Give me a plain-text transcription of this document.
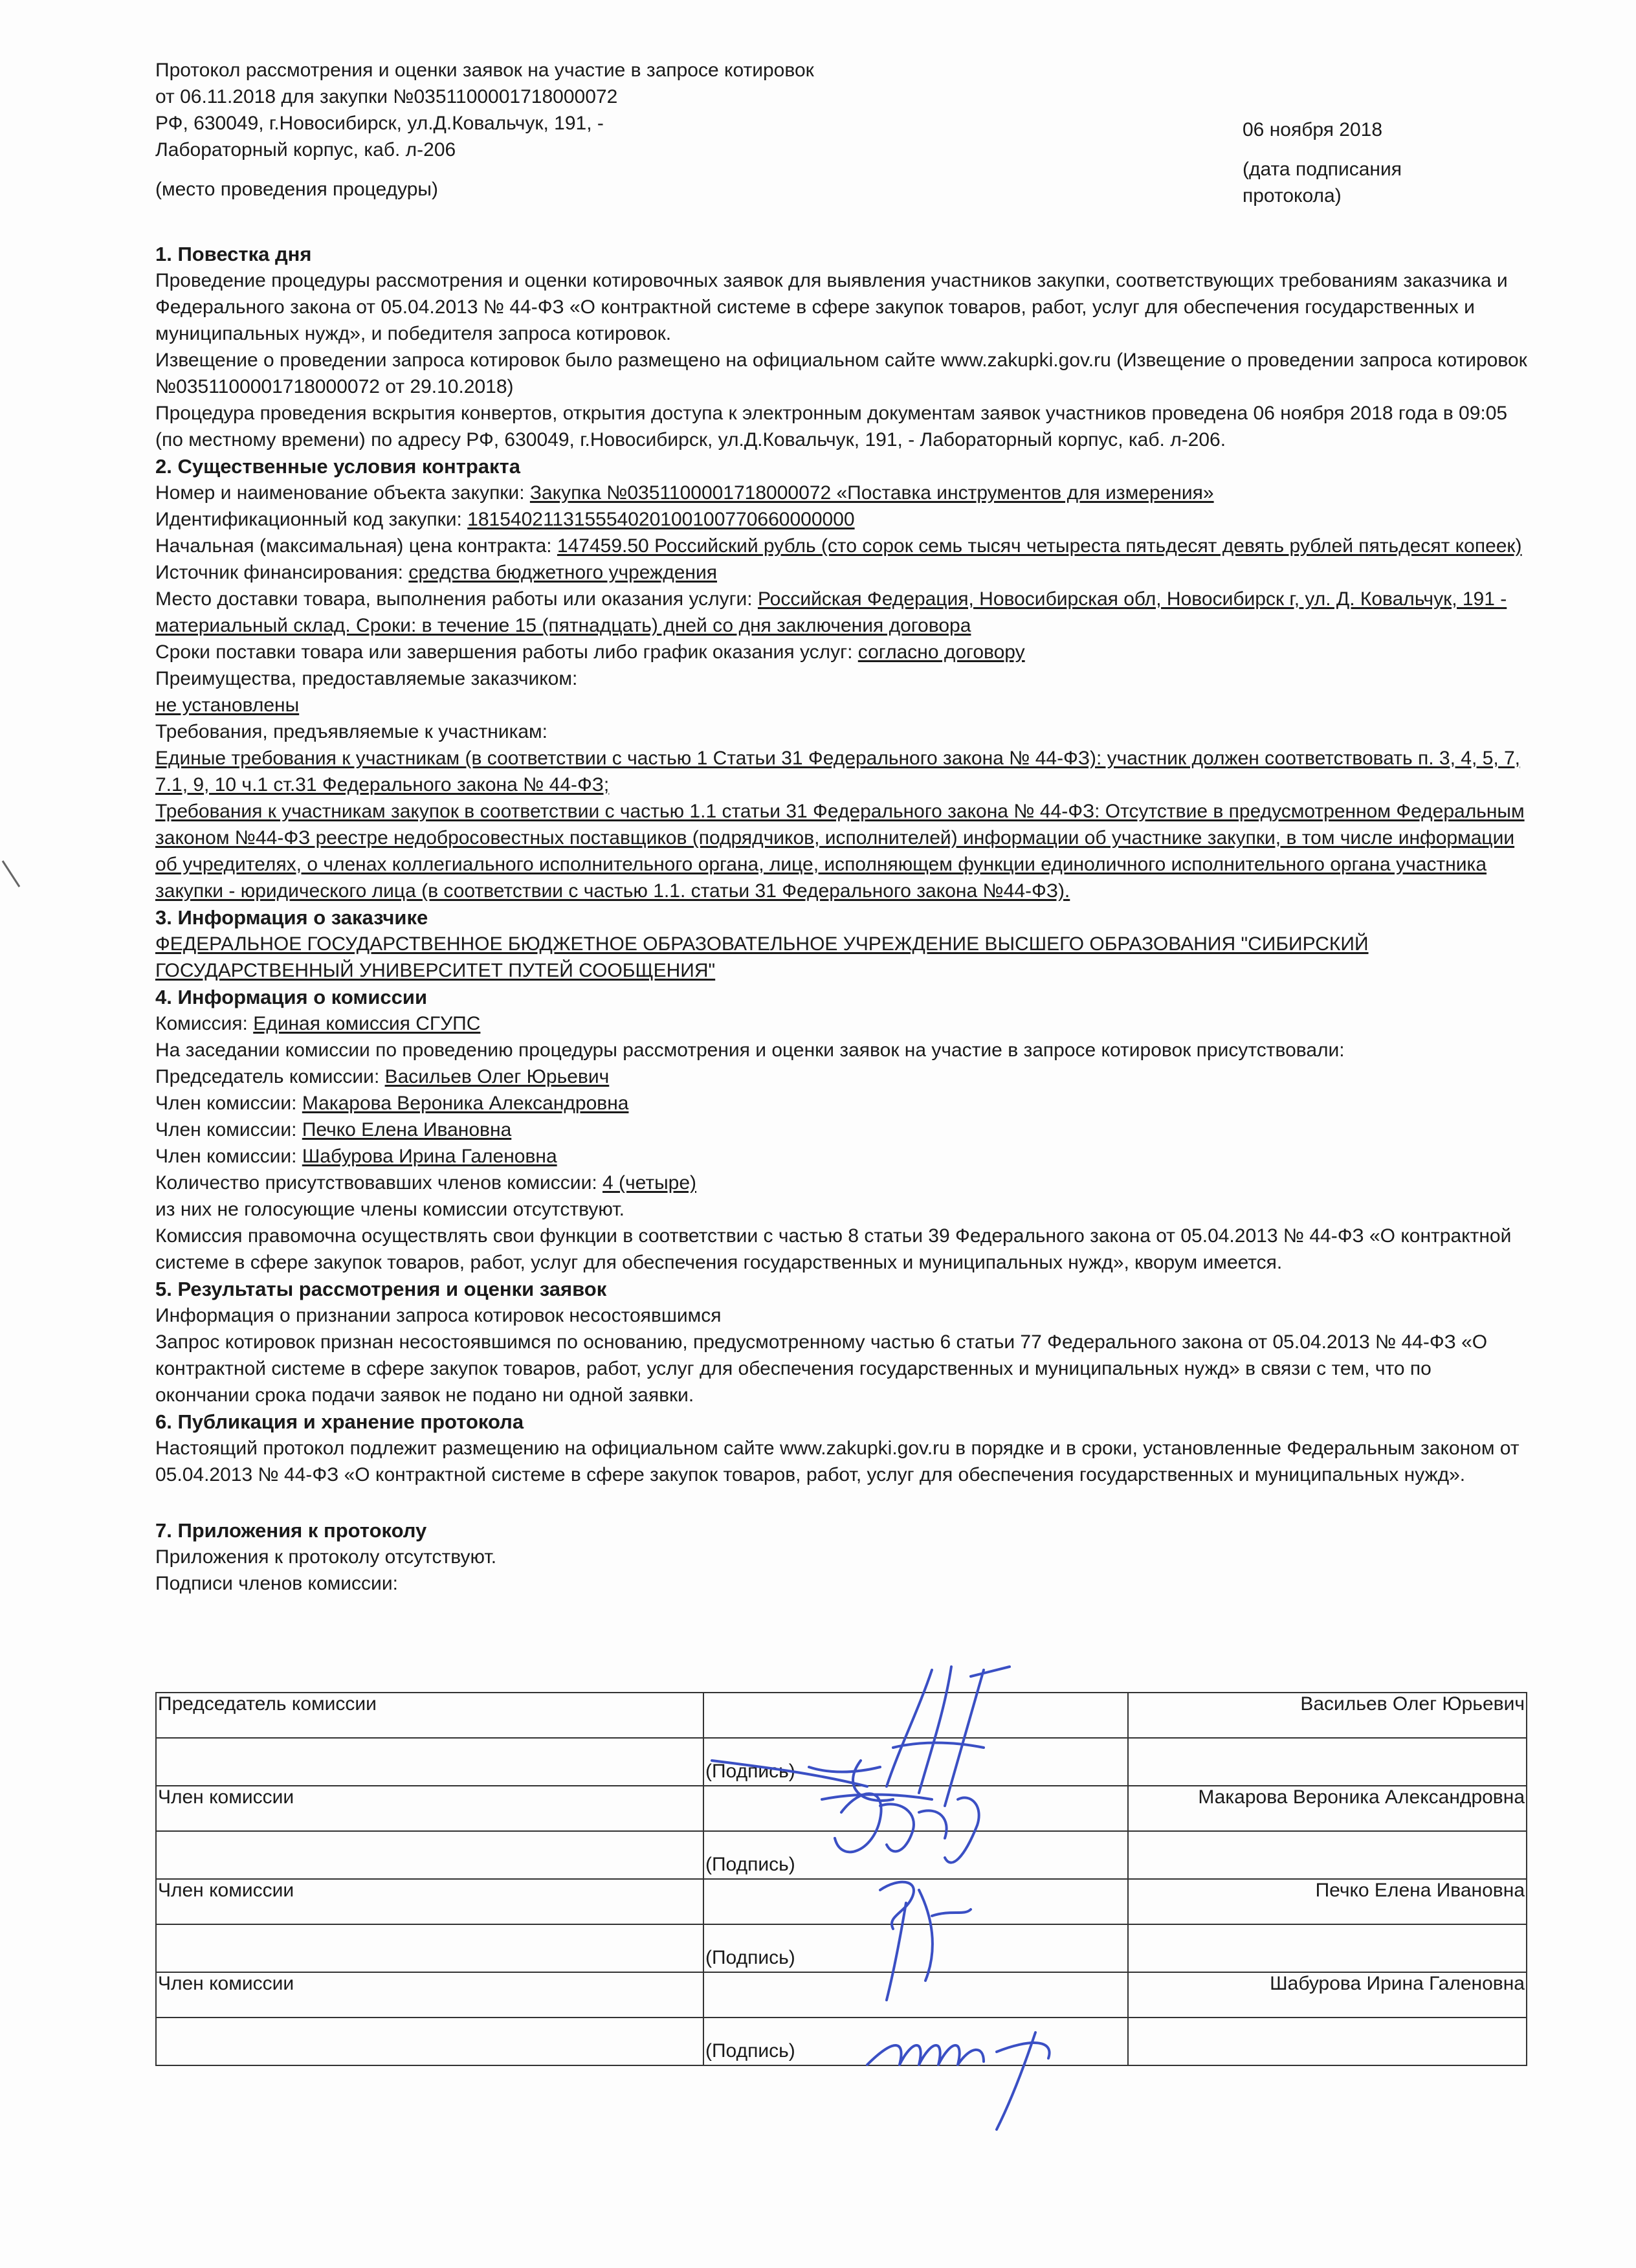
Протокол рассмотрения и оценки заявок на участие в запросе котировок
от 06.11.2018 для закупки №0351100001718000072
РФ, 630049, г.Новосибирск, ул.Д.Ковальчук, 191, -
Лабораторный корпус, каб. л-206
(место проведения процедуры)
06 ноября 2018
(дата подписания протокола)
1. Повестка дня
Проведение процедуры рассмотрения и оценки котировочных заявок для выявления участников закупки, соответствующих требованиям заказчика и Федерального закона от 05.04.2013 № 44-ФЗ «О контрактной системе в сфере закупок товаров, работ, услуг для обеспечения государственных и муниципальных нужд», и победителя запроса котировок.
Извещение о проведении запроса котировок было размещено на официальном сайте www.zakupki.gov.ru (Извещение о проведении запроса котировок №0351100001718000072 от 29.10.2018)
Процедура проведения вскрытия конвертов, открытия доступа к электронным документам заявок участников проведена 06 ноября 2018 года в 09:05 (по местному времени) по адресу РФ, 630049, г.Новосибирск, ул.Д.Ковальчук, 191, - Лабораторный корпус, каб. л-206.
2. Существенные условия контракта
Номер и наименование объекта закупки: Закупка №0351100001718000072 «Поставка инструментов для измерения»
Идентификационный код закупки: 181540211315554020100100770660000000
Начальная (максимальная) цена контракта: 147459.50 Российский рубль (сто сорок семь тысяч четыреста пятьдесят девять рублей пятьдесят копеек)
Источник финансирования: средства бюджетного учреждения
Место доставки товара, выполнения работы или оказания услуги: Российская Федерация, Новосибирская обл, Новосибирск г, ул. Д. Ковальчук, 191 - материальный склад. Сроки: в течение 15 (пятнадцать) дней со дня заключения договора
Сроки поставки товара или завершения работы либо график оказания услуг: согласно договору
Преимущества, предоставляемые заказчиком:
не установлены
Требования, предъявляемые к участникам:
Единые требования к участникам (в соответствии с частью 1 Статьи 31 Федерального закона № 44-ФЗ): участник должен соответствовать п. 3, 4, 5, 7, 7.1, 9, 10 ч.1 ст.31 Федерального закона № 44-ФЗ;
Требования к участникам закупок в соответствии с частью 1.1 статьи 31 Федерального закона № 44-ФЗ: Отсутствие в предусмотренном Федеральным законом №44-ФЗ реестре недобросовестных поставщиков (подрядчиков, исполнителей) информации об участнике закупки, в том числе информации об учредителях, о членах коллегиального исполнительного органа, лице, исполняющем функции единоличного исполнительного органа участника закупки - юридического лица (в соответствии с частью 1.1. статьи 31 Федерального закона №44-ФЗ).
3. Информация о заказчике
ФЕДЕРАЛЬНОЕ ГОСУДАРСТВЕННОЕ БЮДЖЕТНОЕ ОБРАЗОВАТЕЛЬНОЕ УЧРЕЖДЕНИЕ ВЫСШЕГО ОБРАЗОВАНИЯ "СИБИРСКИЙ ГОСУДАРСТВЕННЫЙ УНИВЕРСИТЕТ ПУТЕЙ СООБЩЕНИЯ"
4. Информация о комиссии
Комиссия: Единая комиссия СГУПС
На заседании комиссии по проведению процедуры рассмотрения и оценки заявок на участие в запросе котировок присутствовали:
Председатель комиссии: Васильев Олег Юрьевич
Член комиссии: Макарова Вероника Александровна
Член комиссии: Печко Елена Ивановна
Член комиссии: Шабурова Ирина Галеновна
Количество присутствовавших членов комиссии: 4 (четыре)
из них не голосующие члены комиссии отсутствуют.
Комиссия правомочна осуществлять свои функции в соответствии с частью 8 статьи 39 Федерального закона от 05.04.2013 № 44-ФЗ «О контрактной системе в сфере закупок товаров, работ, услуг для обеспечения государственных и муниципальных нужд», кворум имеется.
5. Результаты рассмотрения и оценки заявок
Информация о признании запроса котировок несостоявшимся
Запрос котировок признан несостоявшимся по основанию, предусмотренному частью 6 статьи 77 Федерального закона от 05.04.2013 № 44-ФЗ «О контрактной системе в сфере закупок товаров, работ, услуг для обеспечения государственных и муниципальных нужд» в связи с тем, что по окончании срока подачи заявок не подано ни одной заявки.
6. Публикация и хранение протокола
Настоящий протокол подлежит размещению на официальном сайте www.zakupki.gov.ru в порядке и в сроки, установленные Федеральным законом от 05.04.2013 № 44-ФЗ «О контрактной системе в сфере закупок товаров, работ, услуг для обеспечения государственных и муниципальных нужд».
7. Приложения к протоколу
Приложения к протоколу отсутствуют.
Подписи членов комиссии:
Председатель комиссии		Васильев Олег Юрьевич
	(Подпись)	
Член комиссии		Макарова Вероника Александровна
	(Подпись)	
Член комиссии		Печко Елена Ивановна
	(Подпись)	
Член комиссии		Шабурова Ирина Галеновна
	(Подпись)	
